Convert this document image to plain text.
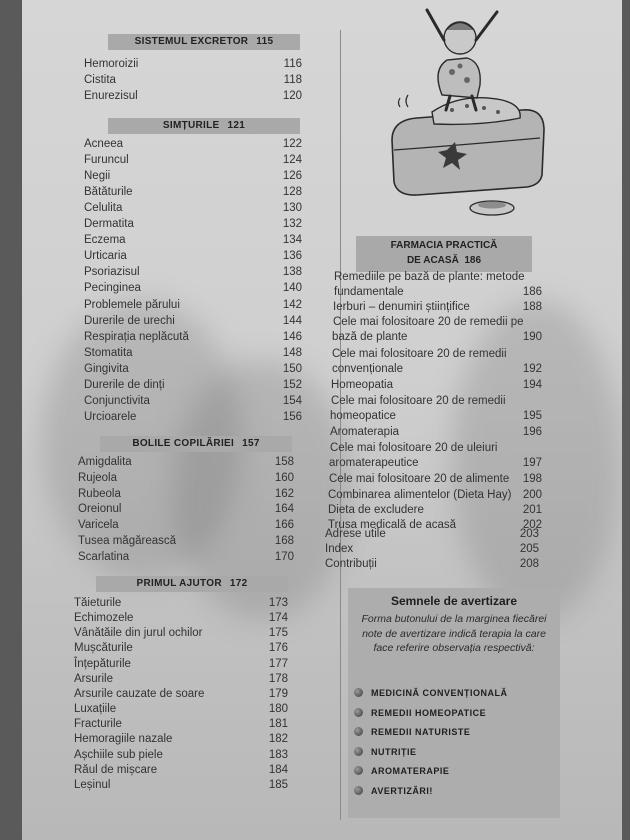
FARMACIA PRACTICĂ
DE ACASĂ 186
Semnele de avertizare
Forma butonului de la marginea fiecărei note de avertizare indică terapia la care face referire observația respectivă:
MEDICINĂ CONVENȚIONALĂ
REMEDII HOMEOPATICE
REMEDII NATURISTE
NUTRIȚIE
AROMATERAPIE
AVERTIZĂRI!
SISTEMUL EXCRETOR 115
Hemoroizii	116
Cistita	118
Enurezisul	120
SIMȚURILE 121
Acneea	122
Furuncul	124
Negii	126
Bătăturile	128
Celulita	130
Dermatita	132
Eczema	134
Urticaria	136
Psoriazisul	138
Pecinginea	140
Problemele părului	142
Durerile de urechi	144
Respirația neplăcută	146
Stomatita	148
Gingivita	150
Durerile de dinți	152
Conjunctivita	154
Urcioarele	156
BOLILE COPILĂRIEI 157
Amigdalita	158
Rujeola	160
Rubeola	162
Oreionul	164
Varicela	166
Tusea măgărească	168
Scarlatina	170
PRIMUL AJUTOR 172
Tăieturile	173
Echimozele	174
Vânătăile din jurul ochilor	175
Mușcăturile	176
Înțepăturile	177
Arsurile	178
Arsurile cauzate de soare	179
Luxațiile	180
Fracturile	181
Hemoragiile nazale	182
Așchiile sub piele	183
Răul de mișcare	184
Leșinul	185
Remediile pe bază de plante: metode
fundamentale	186
Ierburi – denumiri științifice	188
Cele mai folositoare 20 de remedii pe
bază de plante	190
Cele mai folositoare 20 de remedii
convenționale	192
Homeopatia	194
Cele mai folositoare 20 de remedii
homeopatice	195
Aromaterapia	196
Cele mai folositoare 20 de uleiuri
aromaterapeutice	197
Cele mai folositoare 20 de alimente 198
Combinarea alimentelor (Dieta Hay) 200
Dieta de excludere	201
Trusa medicală de acasă	202
Adrese utile	203
Index	205
Contribuții	208
